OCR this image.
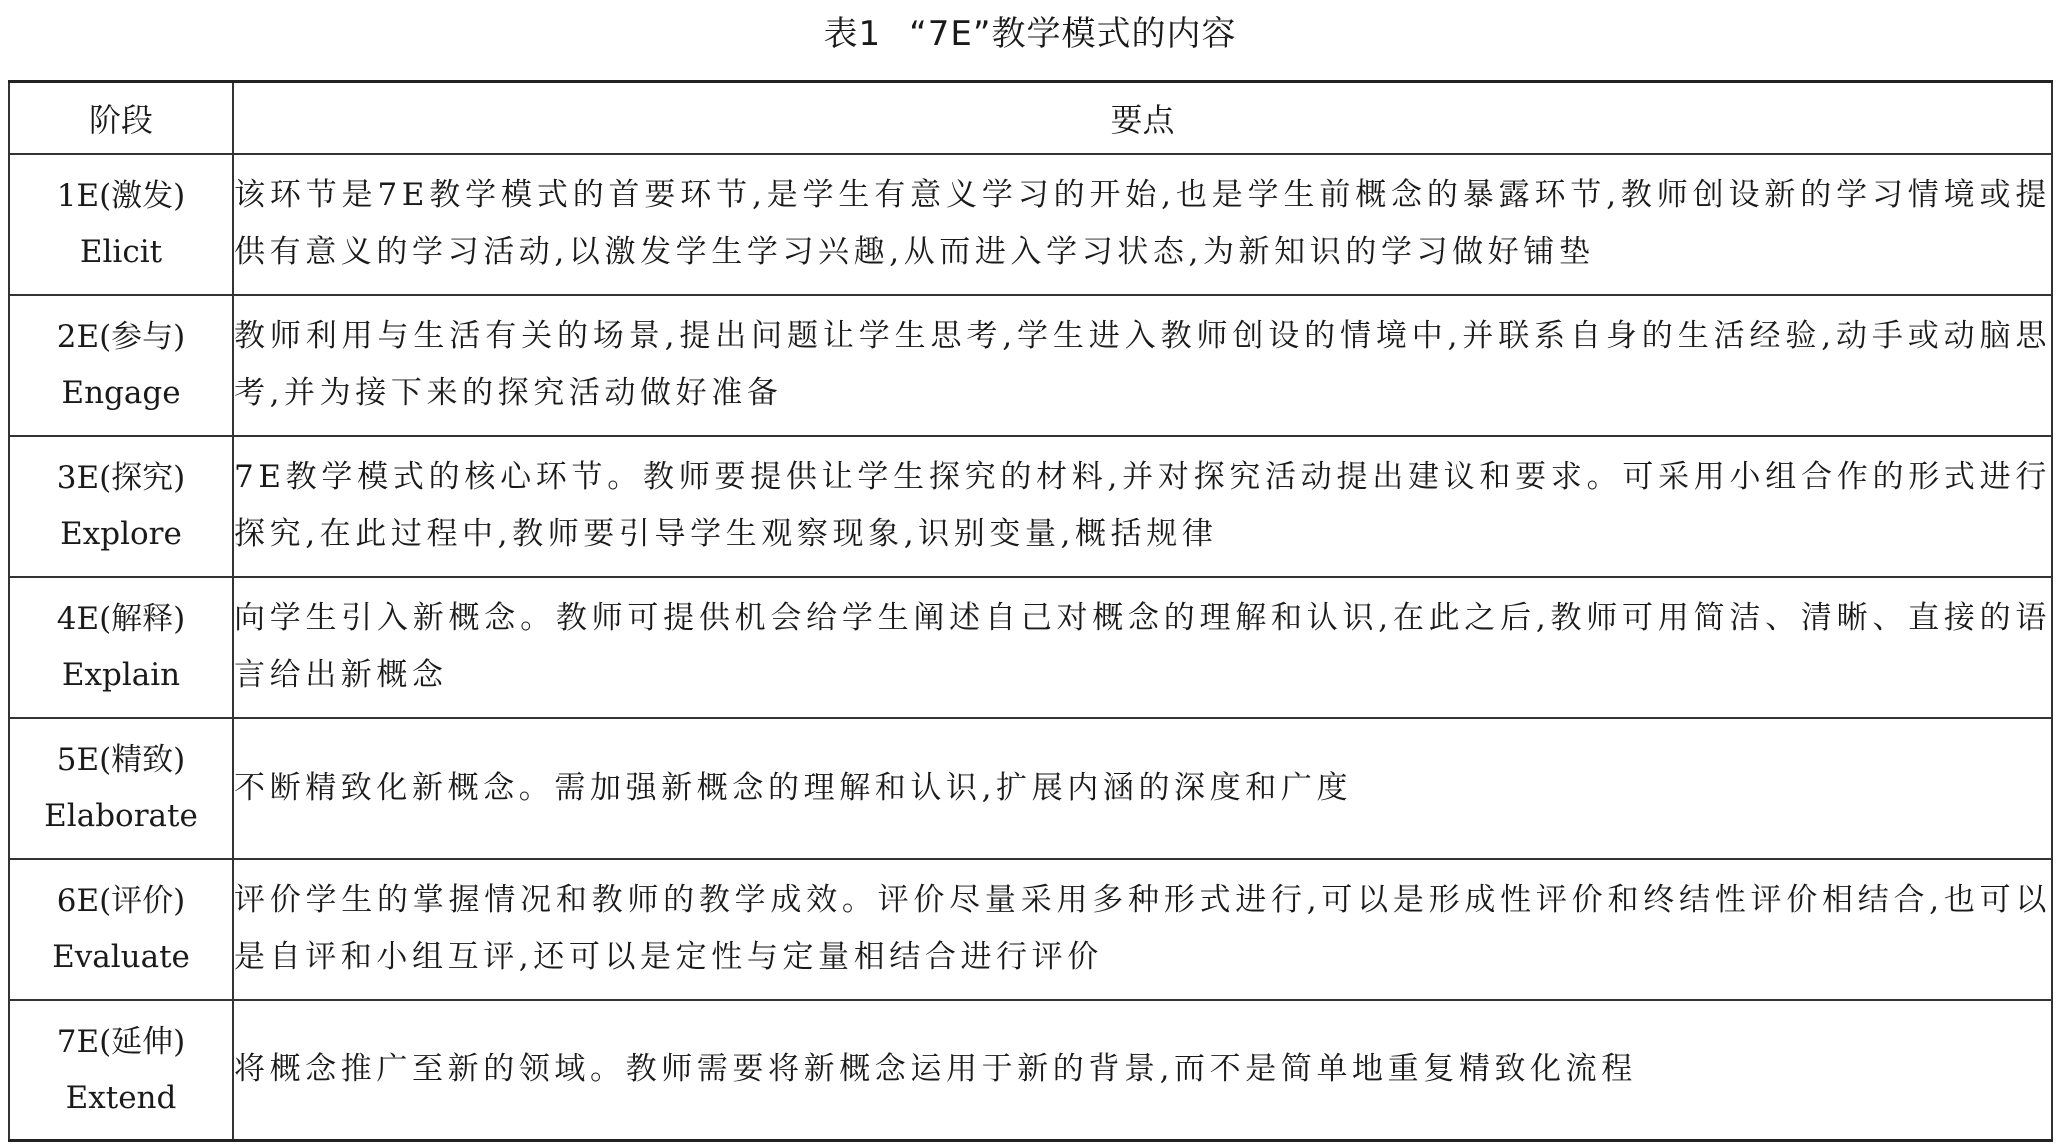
表1 “7E”教学模式的内容
阶段	要点

1E(激发)
Elicit	该环节是7E教学模式的首要环节,是学生有意义学习的开始,也是学生前概念的暴露环节,教师创设新的学习情境或提供有意义的学习活动,以激发学生学习兴趣,从而进入学习状态,为新知识的学习做好铺垫

2E(参与)
Engage	教师利用与生活有关的场景,提出问题让学生思考,学生进入教师创设的情境中,并联系自身的生活经验,动手或动脑思考,并为接下来的探究活动做好准备

3E(探究)
Explore	7E教学模式的核心环节。教师要提供让学生探究的材料,并对探究活动提出建议和要求。可采用小组合作的形式进行探究,在此过程中,教师要引导学生观察现象,识别变量,概括规律

4E(解释)
Explain	向学生引入新概念。教师可提供机会给学生阐述自己对概念的理解和认识,在此之后,教师可用简洁、清晰、直接的语言给出新概念

5E(精致)
Elaborate	不断精致化新概念。需加强新概念的理解和认识,扩展内涵的深度和广度

6E(评价)
Evaluate	评价学生的掌握情况和教师的教学成效。评价尽量采用多种形式进行,可以是形成性评价和终结性评价相结合,也可以是自评和小组互评,还可以是定性与定量相结合进行评价

7E(延伸)
Extend	将概念推广至新的领域。教师需要将新概念运用于新的背景,而不是简单地重复精致化流程
